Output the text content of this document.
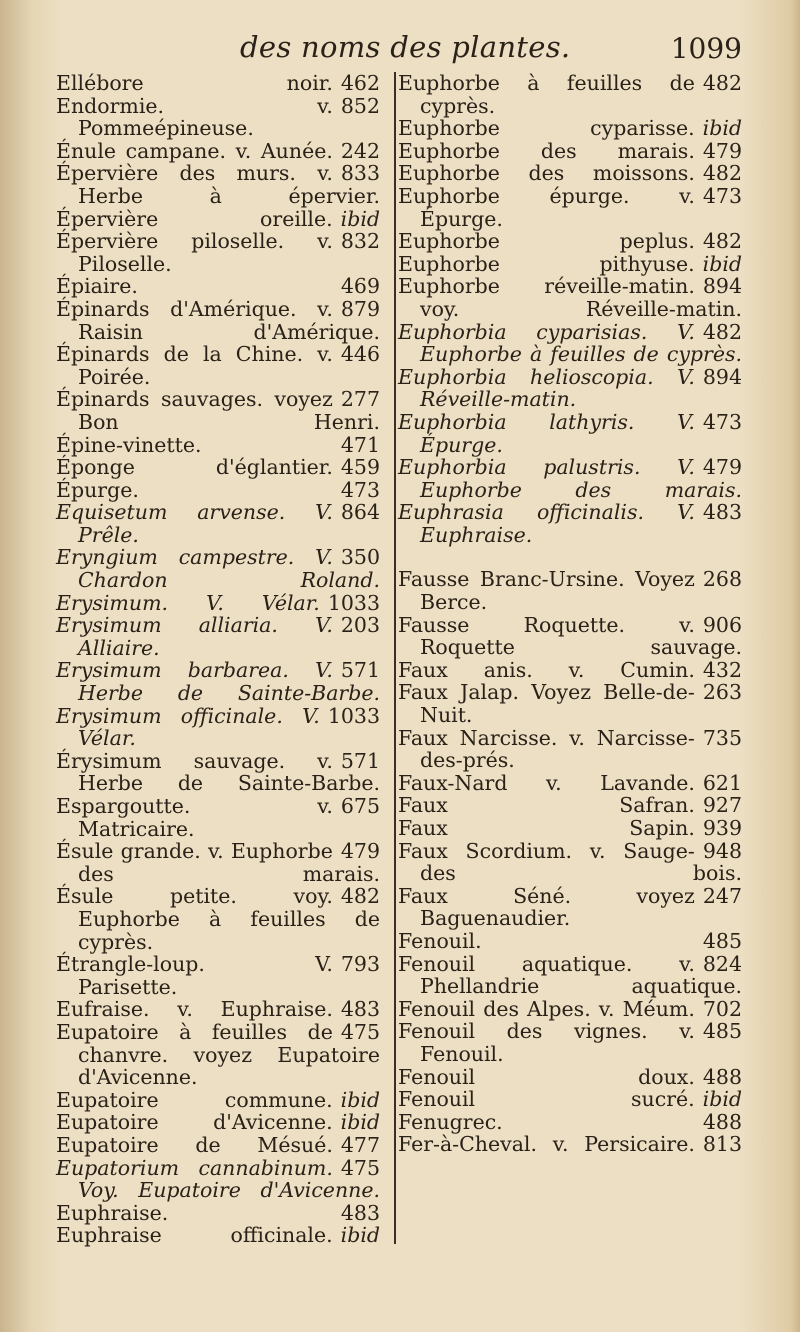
des noms des plantes.	1099

462
Ellébore noir.

852
Endormie. v. Pommeépineuse.

242
Énule campane. v. Aunée.

833
Épervière des murs. v. Herbe à épervier.

ibid
Épervière oreille.

832
Épervière piloselle. v. Piloselle.

469
Épiaire.

879
Épinards d'Amérique. v. Raisin d'Amérique.

446
Épinards de la Chine. v. Poirée.

277
Épinards sauvages. voyez Bon Henri.

471
Épine-vinette.

459
Éponge d'églantier.

473
Épurge.

864
Equisetum arvense. V. Prêle.

350
Eryngium campestre. V. Chardon Roland.

1033
Erysimum. V. Vélar.

203
Erysimum alliaria. V. Alliaire.

571
Erysimum barbarea. V. Herbe de Sainte-Barbe.

1033
Erysimum officinale. V. Vélar.

571
Érysimum sauvage. v. Herbe de Sainte-Barbe.

675
Espargoutte. v. Matricaire.

479
Ésule grande. v. Euphorbe des marais.

482
Ésule petite. voy. Euphorbe à feuilles de cyprès.

793
Étrangle-loup. V. Parisette.

483
Eufraise. v. Euphraise.

475
Eupatoire à feuilles de chanvre. voyez Eupatoire d'Avicenne.

ibid
Eupatoire commune.

ibid
Eupatoire d'Avicenne.

477
Eupatoire de Mésué.

475
Eupatorium cannabinum. Voy. Eupatoire d'Avicenne.

483
Euphraise.

ibid
Euphraise officinale.

482
Euphorbe à feuilles de cyprès.

ibid
Euphorbe cyparisse.

479
Euphorbe des marais.

482
Euphorbe des moissons.

473
Euphorbe épurge. v. Épurge.

482
Euphorbe peplus.

ibid
Euphorbe pithyuse.

894
Euphorbe réveille-matin. voy. Réveille-matin.

482
Euphorbia cyparisias. V. Euphorbe à feuilles de cyprès.

894
Euphorbia helioscopia. V. Réveille-matin.

473
Euphorbia lathyris. V. Épurge.

479
Euphorbia palustris. V. Euphorbe des marais.

483
Euphrasia officinalis. V. Euphraise.

268
Fausse Branc-Ursine. Voyez Berce.

906
Fausse Roquette. v. Roquette sauvage.

432
Faux anis. v. Cumin.

263
Faux Jalap. Voyez Belle-de-Nuit.

735
Faux Narcisse. v. Narcisse-des-prés.

621
Faux-Nard v. Lavande.

927
Faux Safran.

939
Faux Sapin.

948
Faux Scordium. v. Sauge-des bois.

247
Faux Séné. voyez Baguenaudier.

485
Fenouil.

824
Fenouil aquatique. v. Phellandrie aquatique.

702
Fenouil des Alpes. v. Méum.

485
Fenouil des vignes. v. Fenouil.

488
Fenouil doux.

ibid
Fenouil sucré.

488
Fenugrec.

813
Fer-à-Cheval. v. Persicaire.
